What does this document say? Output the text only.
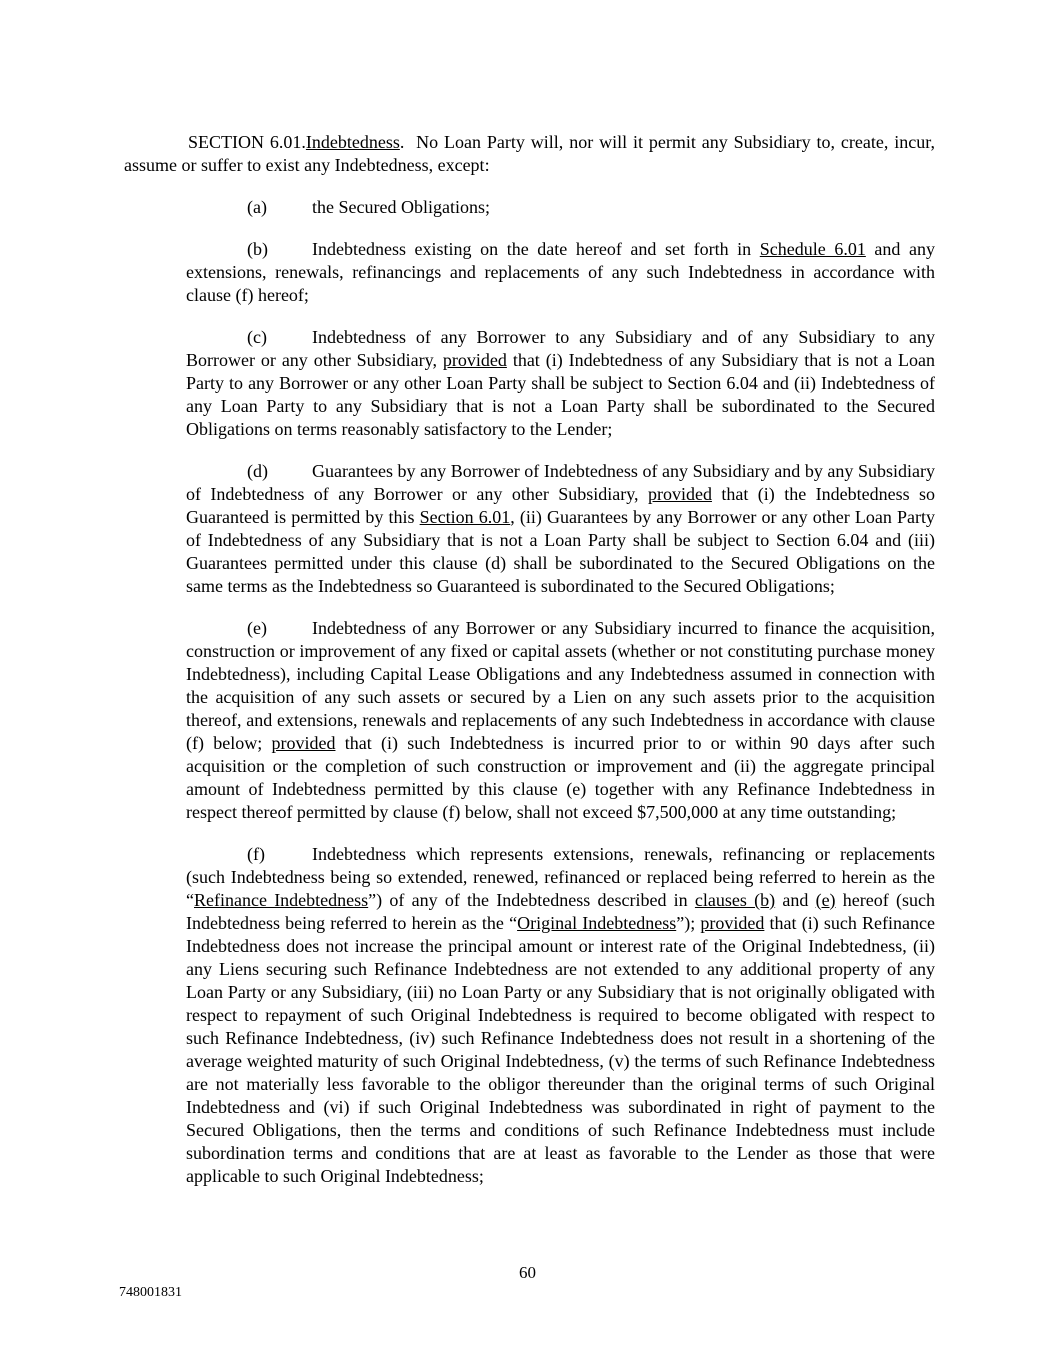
SECTION 6.01.Indebtedness.  No Loan Party will, nor will it permit any Subsidiary to, create, incur, assume or suffer to exist any Indebtedness, except:

(a)	the Secured Obligations;

(b) Indebtedness existing on the date hereof and set forth in Schedule 6.01 and any extensions, renewals, refinancings and replacements of any such Indebtedness in accordance with clause (f) hereof;

(c)	Indebtedness of any Borrower to any Subsidiary and of any Subsidiary to any Borrower or any other Subsidiary, provided that (i) Indebtedness of any Subsidiary that is not a Loan Party to any Borrower or any other Loan Party shall be subject to Section 6.04 and (ii) Indebtedness of any Loan Party to any Subsidiary that is not a Loan Party shall be subordinated to the Secured Obligations on terms reasonably satisfactory to the Lender;

(d) Guarantees by any Borrower of Indebtedness of any Subsidiary and by any Subsidiary of Indebtedness of any Borrower or any other Subsidiary, provided that (i) the Indebtedness so Guaranteed is permitted by this Section 6.01, (ii) Guarantees by any Borrower or any other Loan Party of Indebtedness of any Subsidiary that is not a Loan Party shall be subject to Section 6.04 and (iii) Guarantees permitted under this clause (d) shall be subordinated to the Secured Obligations on the same terms as the Indebtedness so Guaranteed is subordinated to the Secured Obligations;

(e)	Indebtedness of any Borrower or any Subsidiary incurred to finance the acquisition, construction or improvement of any fixed or capital assets (whether or not constituting purchase money Indebtedness), including Capital Lease Obligations and any Indebtedness assumed in connection with the acquisition of any such assets or secured by a Lien on any such assets prior to the acquisition thereof, and extensions, renewals and replacements of any such Indebtedness in accordance with clause (f) below; provided that (i) such Indebtedness is incurred prior to or within 90 days after such acquisition or the completion of such construction or improvement and (ii) the aggregate principal amount of Indebtedness permitted by this clause (e) together with any Refinance Indebtedness in respect thereof permitted by clause (f) below, shall not exceed $7,500,000 at any time outstanding;

(f)	Indebtedness which represents extensions, renewals, refinancing or replacements (such Indebtedness being so extended, renewed, refinanced or replaced being referred to herein as the “Refinance Indebtedness”) of any of the Indebtedness described in clauses (b) and (e) hereof (such Indebtedness being referred to herein as the “Original Indebtedness”); provided that (i) such Refinance Indebtedness does not increase the principal amount or interest rate of the Original Indebtedness, (ii) any Liens securing such Refinance Indebtedness are not extended to any additional property of any Loan Party or any Subsidiary, (iii) no Loan Party or any Subsidiary that is not originally obligated with respect to repayment of such Original Indebtedness is required to become obligated with respect to such Refinance Indebtedness, (iv) such Refinance Indebtedness does not result in a shortening of the average weighted maturity of such Original Indebtedness, (v) the terms of such Refinance Indebtedness are not materially less favorable to the obligor thereunder than the original terms of such Original Indebtedness and (vi) if such Original Indebtedness was subordinated in right of payment to the Secured Obligations, then the terms and conditions of such Refinance Indebtedness must include subordination terms and conditions that are at least as favorable to the Lender as those that were applicable to such Original Indebtedness;

60
748001831
